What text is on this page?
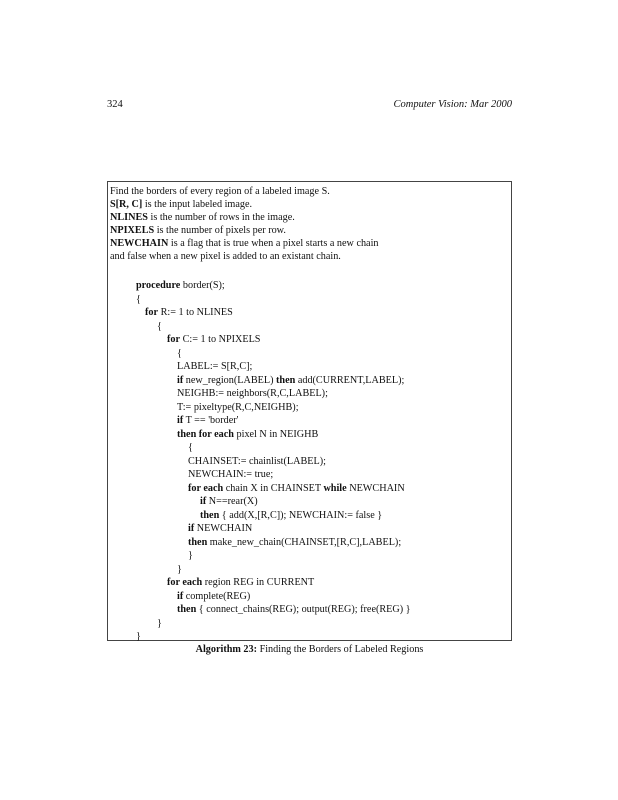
324	Computer Vision: Mar 2000
Find the borders of every region of a labeled image S.
S[R, C] is the input labeled image.
NLINES is the number of rows in the image.
NPIXELS is the number of pixels per row.
NEWCHAIN is a flag that is true when a pixel starts a new chain
and false when a new pixel is added to an existant chain.
procedure border(S);
{
for R:= 1 to NLINES
{
for C:= 1 to NPIXELS
{
LABEL:= S[R,C];
if new_region(LABEL) then add(CURRENT,LABEL);
NEIGHB:= neighbors(R,C,LABEL);
T:= pixeltype(R,C,NEIGHB);
if T == 'border'
then for each pixel N in NEIGHB
{
CHAINSET:= chainlist(LABEL);
NEWCHAIN:= true;
for each chain X in CHAINSET while NEWCHAIN
if N==rear(X)
then { add(X,[R,C]); NEWCHAIN:= false }
if NEWCHAIN
then make_new_chain(CHAINSET,[R,C],LABEL);
}
}
for each region REG in CURRENT
if complete(REG)
then { connect_chains(REG); output(REG); free(REG) }
}
}
Algorithm 23: Finding the Borders of Labeled Regions
